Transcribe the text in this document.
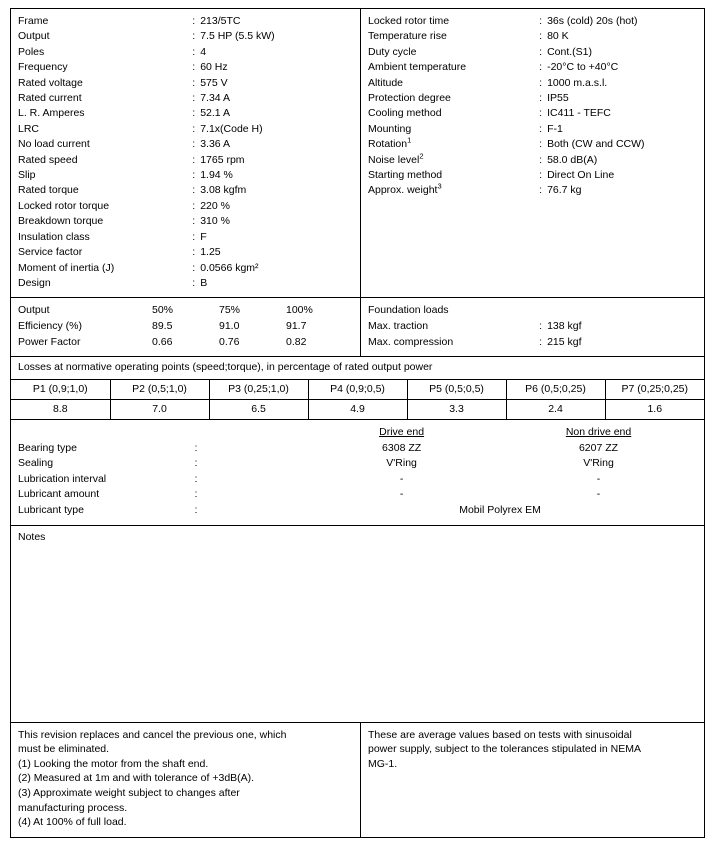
Frame	:	213/5TC
Output	:	7.5 HP (5.5 kW)
Poles	:	4
Frequency	:	60 Hz
Rated voltage	:	575 V
Rated current	:	7.34 A
L. R. Amperes	:	52.1 A
LRC	:	7.1x(Code H)
No load current	:	3.36 A
Rated speed	:	1765 rpm
Slip	:	1.94 %
Rated torque	:	3.08 kgfm
Locked rotor torque	:	220 %
Breakdown torque	:	310 %
Insulation class	:	F
Service factor	:	1.25
Moment of inertia (J)	:	0.0566 kgm²
Design	:	B

Locked rotor time	:	36s (cold) 20s (hot)
Temperature rise	:	80 K
Duty cycle	:	Cont.(S1)
Ambient temperature	:	-20°C to +40°C
Altitude	:	1000 m.a.s.l.
Protection degree	:	IP55
Cooling method	:	IC411 - TEFC
Mounting	:	F-1
Rotation$^1$	:	Both (CW and CCW)
Noise level$^2$	:	58.0 dB(A)
Starting method	:	Direct On Line
Approx. weight$^3$	:	76.7 kg

Output	50%	75%	100%
Efficiency (%)	89.5	91.0	91.7
Power Factor	0.66	0.76	0.82

Foundation loads
Max. traction	:	138 kgf
Max. compression	:	215 kgf

Losses at normative operating points (speed;torque), in percentage of rated output power
P1 (0,9;1,0)	P2 (0,5;1,0)	P3 (0,25;1,0)	P4 (0,9;0,5)	P5 (0,5;0,5)	P6 (0,5;0,25)	P7 (0,25;0,25)
8.8	7.0	6.5	4.9	3.3	2.4	1.6

		Drive end	Non drive end
Bearing type	:	6308 ZZ	6207 ZZ
Sealing	:	V'Ring	V'Ring
Lubrication interval	:	-	-
Lubricant amount	:	-	-
Lubricant type	:	Mobil Polyrex EM

Notes

This revision replaces and cancel the previous one, which
must be eliminated.
(1) Looking the motor from the shaft end.
(2) Measured at 1m and with tolerance of +3dB(A).
(3) Approximate weight subject to changes after
manufacturing process.
(4) At 100% of full load.

These are average values based on tests with sinusoidal
power supply, subject to the tolerances stipulated in NEMA
MG-1.
